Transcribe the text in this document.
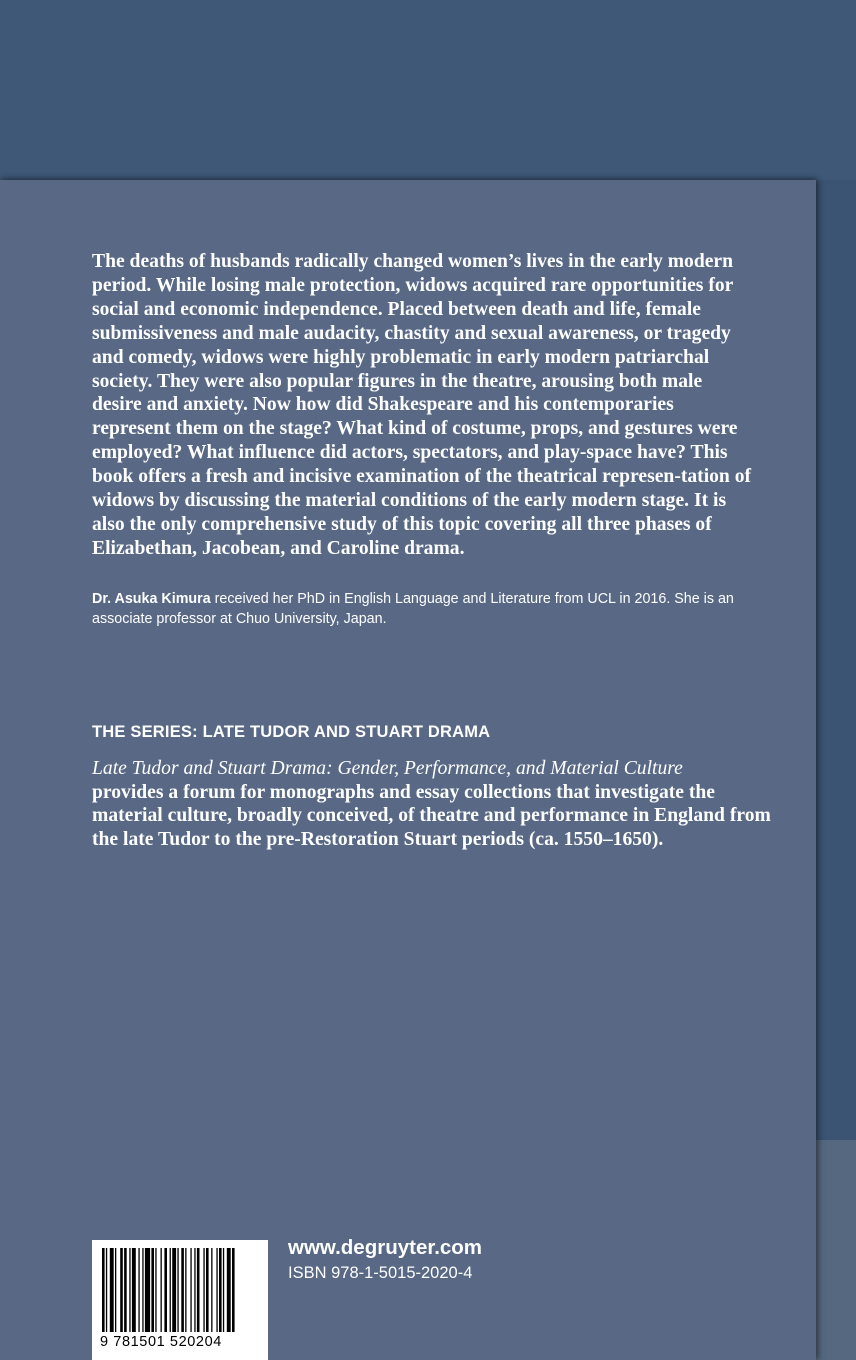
The deaths of husbands radically changed women’s lives in the early modern period. While losing male protection, widows acquired rare opportunities for social and economic independence. Placed between death and life, female submissiveness and male audacity, chastity and sexual awareness, or tragedy and comedy, widows were highly problematic in early modern patriarchal society. They were also popular figures in the theatre, arousing both male desire and anxiety. Now how did Shakespeare and his contemporaries represent them on the stage? What kind of costume, props, and gestures were employed? What influence did actors, spectators, and play-space have? This book offers a fresh and incisive examination of the theatrical represen-tation of widows by discussing the material conditions of the early modern stage. It is also the only comprehensive study of this topic covering all three phases of Elizabethan, Jacobean, and Caroline drama.

Dr. Asuka Kimura received her PhD in English Language and Literature from UCL in 2016. She is an associate professor at Chuo University, Japan.

THE SERIES: LATE TUDOR AND STUART DRAMA

Late Tudor and Stuart Drama: Gender, Performance, and Material Culture
provides a forum for monographs and essay collections that investigate the material culture, broadly conceived, of theatre and performance in England from the late Tudor to the pre-Restoration Stuart periods (ca. 1550–1650).

9 781501 520204
www.degruyter.com
ISBN 978-1-5015-2020-4
